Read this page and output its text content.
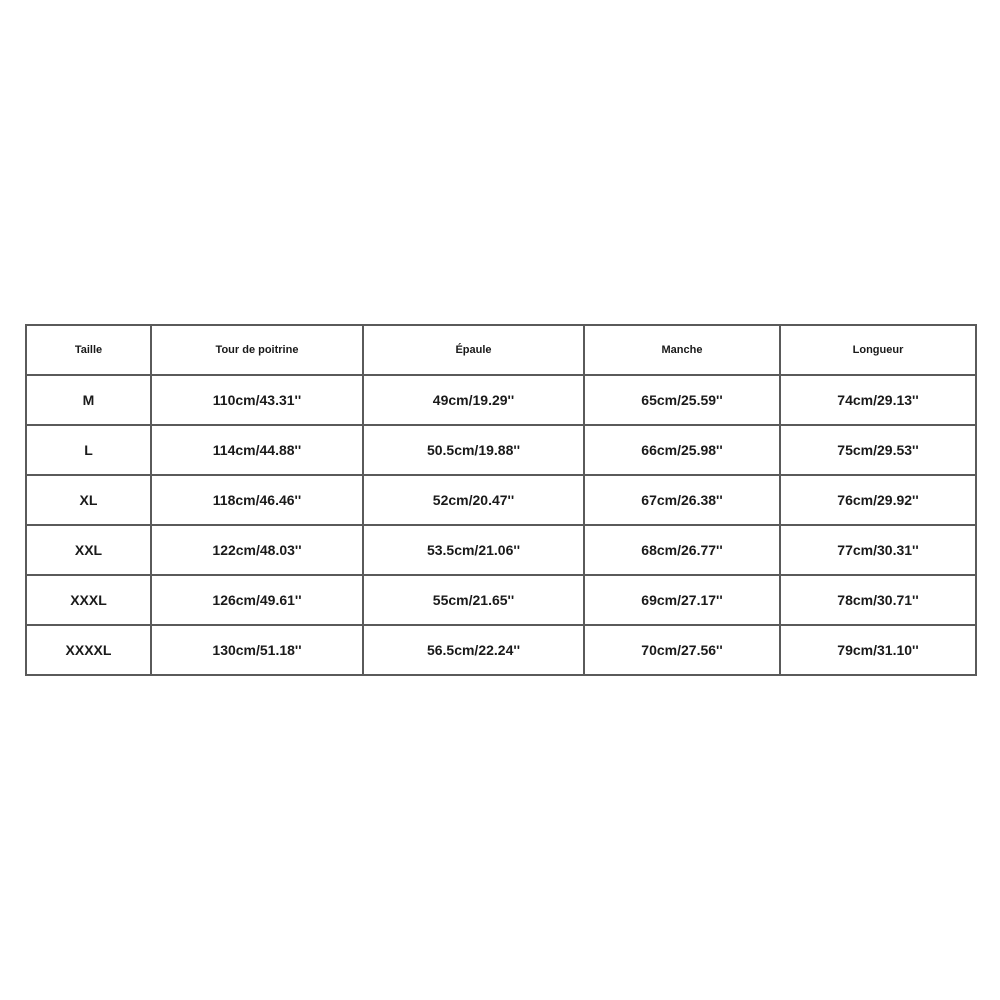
Taille	Tour de poitrine	Épaule	Manche	Longueur
M	110cm/43.31''	49cm/19.29''	65cm/25.59''	74cm/29.13''
L	114cm/44.88''	50.5cm/19.88''	66cm/25.98''	75cm/29.53''
XL	118cm/46.46''	52cm/20.47''	67cm/26.38''	76cm/29.92''
XXL	122cm/48.03''	53.5cm/21.06''	68cm/26.77''	77cm/30.31''
XXXL	126cm/49.61''	55cm/21.65''	69cm/27.17''	78cm/30.71''
XXXXL	130cm/51.18''	56.5cm/22.24''	70cm/27.56''	79cm/31.10''
